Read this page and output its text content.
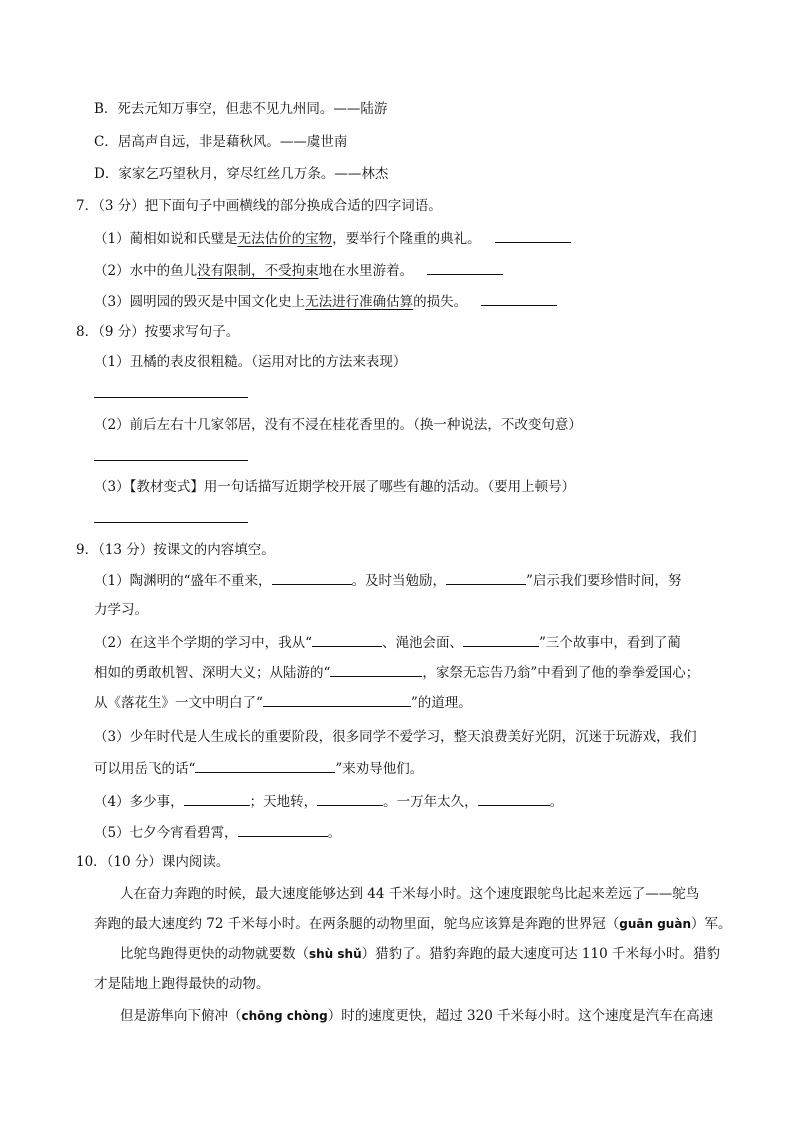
B．死去元知万事空，但悲不见九州同。——陆游
C．居高声自远，非是藉秋风。——虞世南
D．家家乞巧望秋月，穿尽红丝几万条。——林杰
7．（3 分）把下面句子中画横线的部分换成合适的四字词语。
（1）蔺相如说和氏璧是无法估价的宝物，要举行个隆重的典礼。
（2）水中的鱼儿没有限制，不受拘束地在水里游着。
（3）圆明园的毁灭是中国文化史上无法进行准确估算的损失。
8．（9 分）按要求写句子。
（1）丑橘的表皮很粗糙。（运用对比的方法来表现）
（2）前后左右十几家邻居，没有不浸在桂花香里的。（换一种说法，不改变句意）
（3）【教材变式】用一句话描写近期学校开展了哪些有趣的活动。（要用上顿号）
9．（13 分）按课文的内容填空。
（1）陶渊明的“盛年不重来，	。及时当勉励，	”启示我们要珍惜时间，努
力学习。
（2）在这半个学期的学习中，我从“	、渑池会面、	”三个故事中，看到了蔺
相如的勇敢机智、深明大义；从陆游的“	，家祭无忘告乃翁”中看到了他的拳拳爱国心；
从《落花生》一文中明白了“	”的道理。
（3）少年时代是人生成长的重要阶段，很多同学不爱学习，整天浪费美好光阴，沉迷于玩游戏，我们
可以用岳飞的话“	”来劝导他们。
（4）多少事，	；天地转，	。一万年太久，	。
（5）七夕今宵看碧霄，	。
10．（10 分）课内阅读。
人在奋力奔跑的时候，最大速度能够达到 44 千米每小时。这个速度跟鸵鸟比起来差远了——鸵鸟
奔跑的最大速度约 72 千米每小时。在两条腿的动物里面，鸵鸟应该算是奔跑的世界冠（guān guàn）军。
比鸵鸟跑得更快的动物就要数（shù shǔ）猎豹了。猎豹奔跑的最大速度可达 110 千米每小时。猎豹
才是陆地上跑得最快的动物。
但是游隼向下俯冲（chōng chòng）时的速度更快，超过 320 千米每小时。这个速度是汽车在高速
